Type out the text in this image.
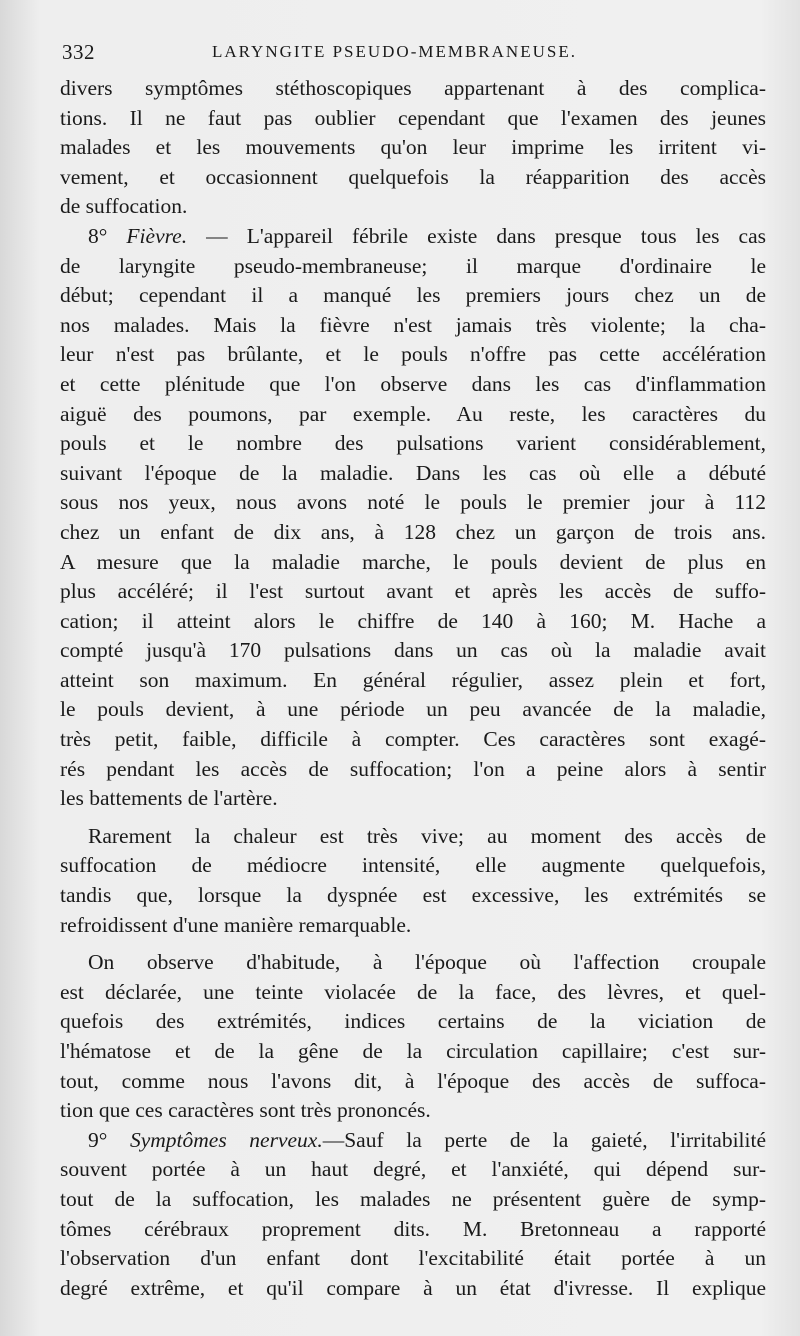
332	LARYNGITE PSEUDO-MEMBRANEUSE.
divers symptômes stéthoscopiques appartenant à des complica-
tions. Il ne faut pas oublier cependant que l'examen des jeunes
malades et les mouvements qu'on leur imprime les irritent vi-
vement, et occasionnent quelquefois la réapparition des accès
de suffocation.
8° Fièvre. — L'appareil fébrile existe dans presque tous les cas
de laryngite pseudo-membraneuse; il marque d'ordinaire le
début; cependant il a manqué les premiers jours chez un de
nos malades. Mais la fièvre n'est jamais très violente; la cha-
leur n'est pas brûlante, et le pouls n'offre pas cette accélération
et cette plénitude que l'on observe dans les cas d'inflammation
aiguë des poumons, par exemple. Au reste, les caractères du
pouls et le nombre des pulsations varient considérablement,
suivant l'époque de la maladie. Dans les cas où elle a débuté
sous nos yeux, nous avons noté le pouls le premier jour à 112
chez un enfant de dix ans, à 128 chez un garçon de trois ans.
A mesure que la maladie marche, le pouls devient de plus en
plus accéléré; il l'est surtout avant et après les accès de suffo-
cation; il atteint alors le chiffre de 140 à 160; M. Hache a
compté jusqu'à 170 pulsations dans un cas où la maladie avait
atteint son maximum. En général régulier, assez plein et fort,
le pouls devient, à une période un peu avancée de la maladie,
très petit, faible, difficile à compter. Ces caractères sont exagé-
rés pendant les accès de suffocation; l'on a peine alors à sentir
les battements de l'artère.
Rarement la chaleur est très vive; au moment des accès de
suffocation de médiocre intensité, elle augmente quelquefois,
tandis que, lorsque la dyspnée est excessive, les extrémités se
refroidissent d'une manière remarquable.
On observe d'habitude, à l'époque où l'affection croupale
est déclarée, une teinte violacée de la face, des lèvres, et quel-
quefois des extrémités, indices certains de la viciation de
l'hématose et de la gêne de la circulation capillaire; c'est sur-
tout, comme nous l'avons dit, à l'époque des accès de suffoca-
tion que ces caractères sont très prononcés.
9° Symptômes nerveux.—Sauf la perte de la gaieté, l'irritabilité
souvent portée à un haut degré, et l'anxiété, qui dépend sur-
tout de la suffocation, les malades ne présentent guère de symp-
tômes cérébraux proprement dits. M. Bretonneau a rapporté
l'observation d'un enfant dont l'excitabilité était portée à un
degré extrême, et qu'il compare à un état d'ivresse. Il explique
